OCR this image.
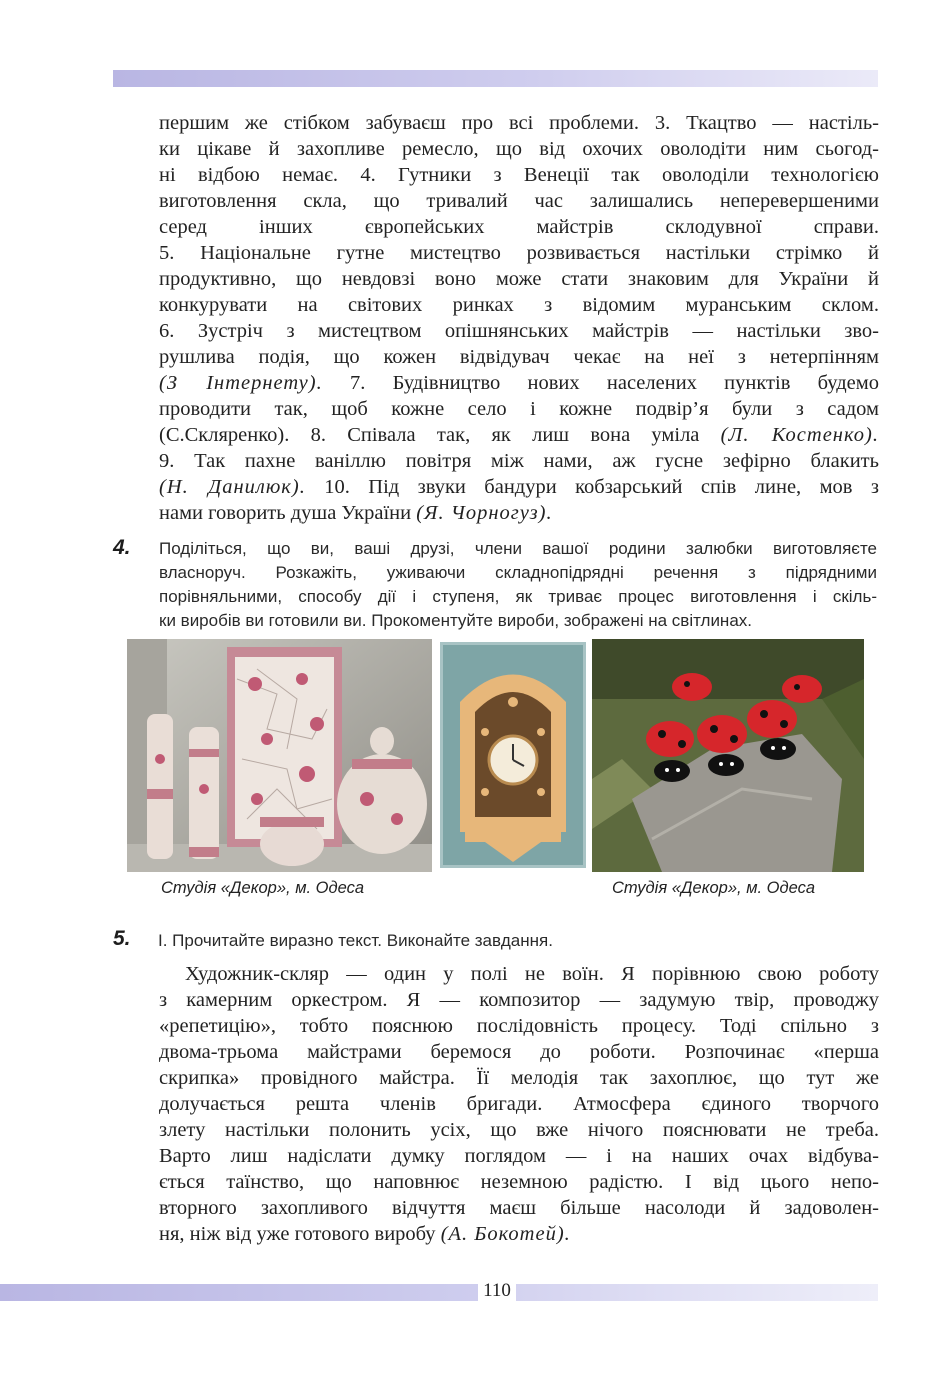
першим же стібком забуваєш про всі проблеми. 3. Ткацтво — настіль-
ки цікаве й захопливе ремесло, що від охочих оволодіти ним сьогод-
ні відбою немає. 4. Гутники з Венеції так оволоділи технологією
виготовлення скла, що тривалий час залишались неперевершеними
серед інших європейських майстрів склодувної справи.
5. Національне гутне мистецтво розвивається настільки стрімко й
продуктивно, що невдовзі воно може стати знаковим для України й
конкурувати на світових ринках з відомим муранським склом.
6. Зустріч з мистецтвом опішнянських майстрів — настільки зво-
рушлива подія, що кожен відвідувач чекає на неї з нетерпінням
(З Інтернету). 7. Будівництво нових населених пунктів будемо
проводити так, щоб кожне село і кожне подвір’я були з садом
(С.Скляренко). 8. Співала так, як лиш вона уміла (Л. Костенко).
9. Так пахне ваніллю повітря між нами, аж гусне зефірно блакить
(Н. Данилюк). 10. Під звуки бандури кобзарський спів лине, мов з
нами говорить душа України (Я. Чорногуз).
4. Поділіться, що ви, ваші друзі, члени вашої родини залюбки виготовляєте
власноруч. Розкажіть, уживаючи складнопідрядні речення з підрядними
порівняльними, способу дії і ступеня, як триває процес виготовлення і скіль-
ки виробів ви готовили ви. Прокоментуйте вироби, зображені на світлинах.
Студія «Декор», м. Одеса	Студія «Декор», м. Одеса
5. І. Прочитайте виразно текст. Виконайте завдання.
Художник-скляр — один у полі не воїн. Я порівнюю свою роботу
з камерним оркестром. Я — композитор — задумую твір, проводжу
«репетицію», тобто пояснюю послідовність процесу. Тоді спільно з
двома-трьома майстрами беремося до роботи. Розпочинає «перша
скрипка» провідного майстра. Її мелодія так захоплює, що тут же
долучається решта членів бригади. Атмосфера єдиного творчого
злету настільки полонить усіх, що вже нічого пояснювати не треба.
Варто лиш надіслати думку поглядом — і на наших очах відбува-
ється таїнство, що наповнює неземною радістю. І від цього непо-
вторного захопливого відчуття маєш більше насолоди й задоволен-
ня, ніж від уже готового виробу (А. Бокотей).
110
